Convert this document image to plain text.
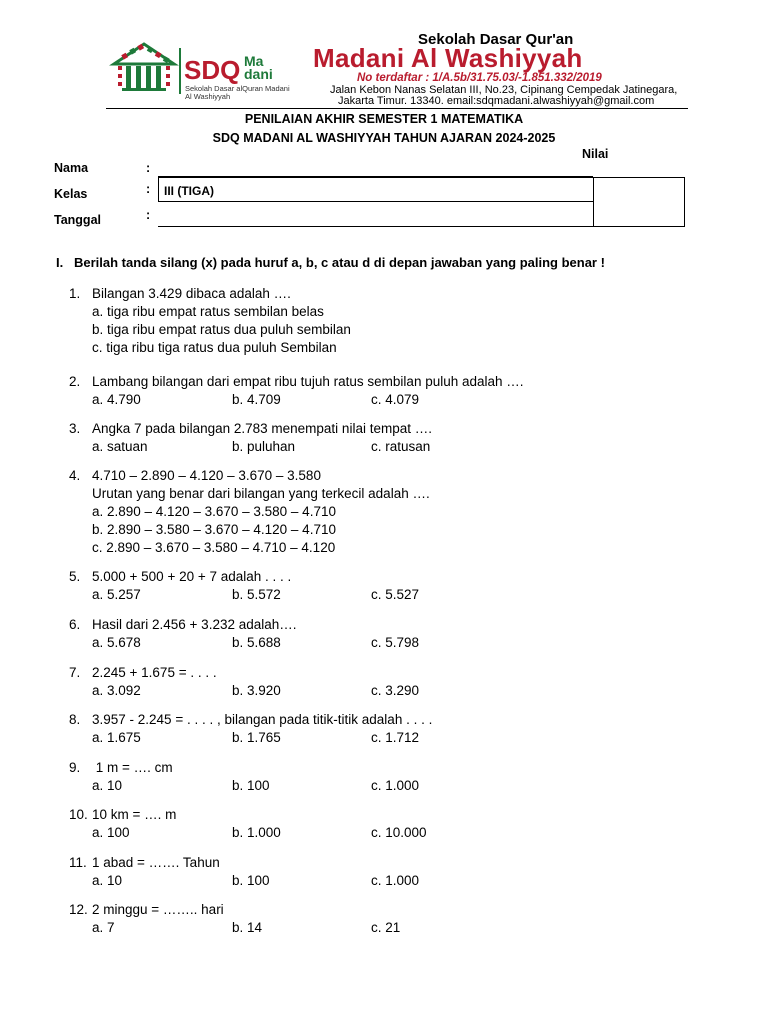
SDQ Ma
dani
Sekolah Dasar alQuran Madani
Al Washiyyah
Sekolah Dasar Qur'an
Madani Al Washiyyah
No terdaftar : 1/A.5b/31.75.03/-1.851.332/2019
Jalan Kebon Nanas Selatan III, No.23, Cipinang Cempedak Jatinegara,
Jakarta Timur. 13340. email:sdqmadani.alwashiyyah@gmail.com
PENILAIAN AKHIR SEMESTER 1 MATEMATIKA
SDQ MADANI AL WASHIYYAH TAHUN AJARAN 2024-2025
Nilai
Nama	:
Kelas	: III (TIGA)
Tanggal	:
I. Berilah tanda silang (x) pada huruf a, b, c atau d di depan jawaban yang paling benar !
1. Bilangan 3.429 dibaca adalah ….
a. tiga ribu empat ratus sembilan belas
b. tiga ribu empat ratus dua puluh sembilan
c. tiga ribu tiga ratus dua puluh Sembilan
2. Lambang bilangan dari empat ribu tujuh ratus sembilan puluh adalah ….
a. 4.790	b. 4.709	c. 4.079
3. Angka 7 pada bilangan 2.783 menempati nilai tempat ….
a. satuan	b. puluhan	c. ratusan
4. 4.710 – 2.890 – 4.120 – 3.670 – 3.580
Urutan yang benar dari bilangan yang terkecil adalah ….
a. 2.890 – 4.120 – 3.670 – 3.580 – 4.710
b. 2.890 – 3.580 – 3.670 – 4.120 – 4.710
c. 2.890 – 3.670 – 3.580 – 4.710 – 4.120
5. 5.000 + 500 + 20 + 7 adalah . . . .
a. 5.257	b. 5.572	c. 5.527
6. Hasil dari 2.456 + 3.232 adalah….
a. 5.678	b. 5.688	c. 5.798
7. 2.245 + 1.675 = . . . .
a. 3.092	b. 3.920	c. 3.290
8. 3.957 - 2.245 = . . . . , bilangan pada titik-titik adalah . . . .
a. 1.675	b. 1.765	c. 1.712
9. 1 m = …. cm
a. 10	b. 100	c. 1.000
10. 10 km = …. m
a. 100	b. 1.000	c. 10.000
11. 1 abad = ……. Tahun
a. 10	b. 100	c. 1.000
12. 2 minggu = …….. hari
a. 7	b. 14	c. 21
